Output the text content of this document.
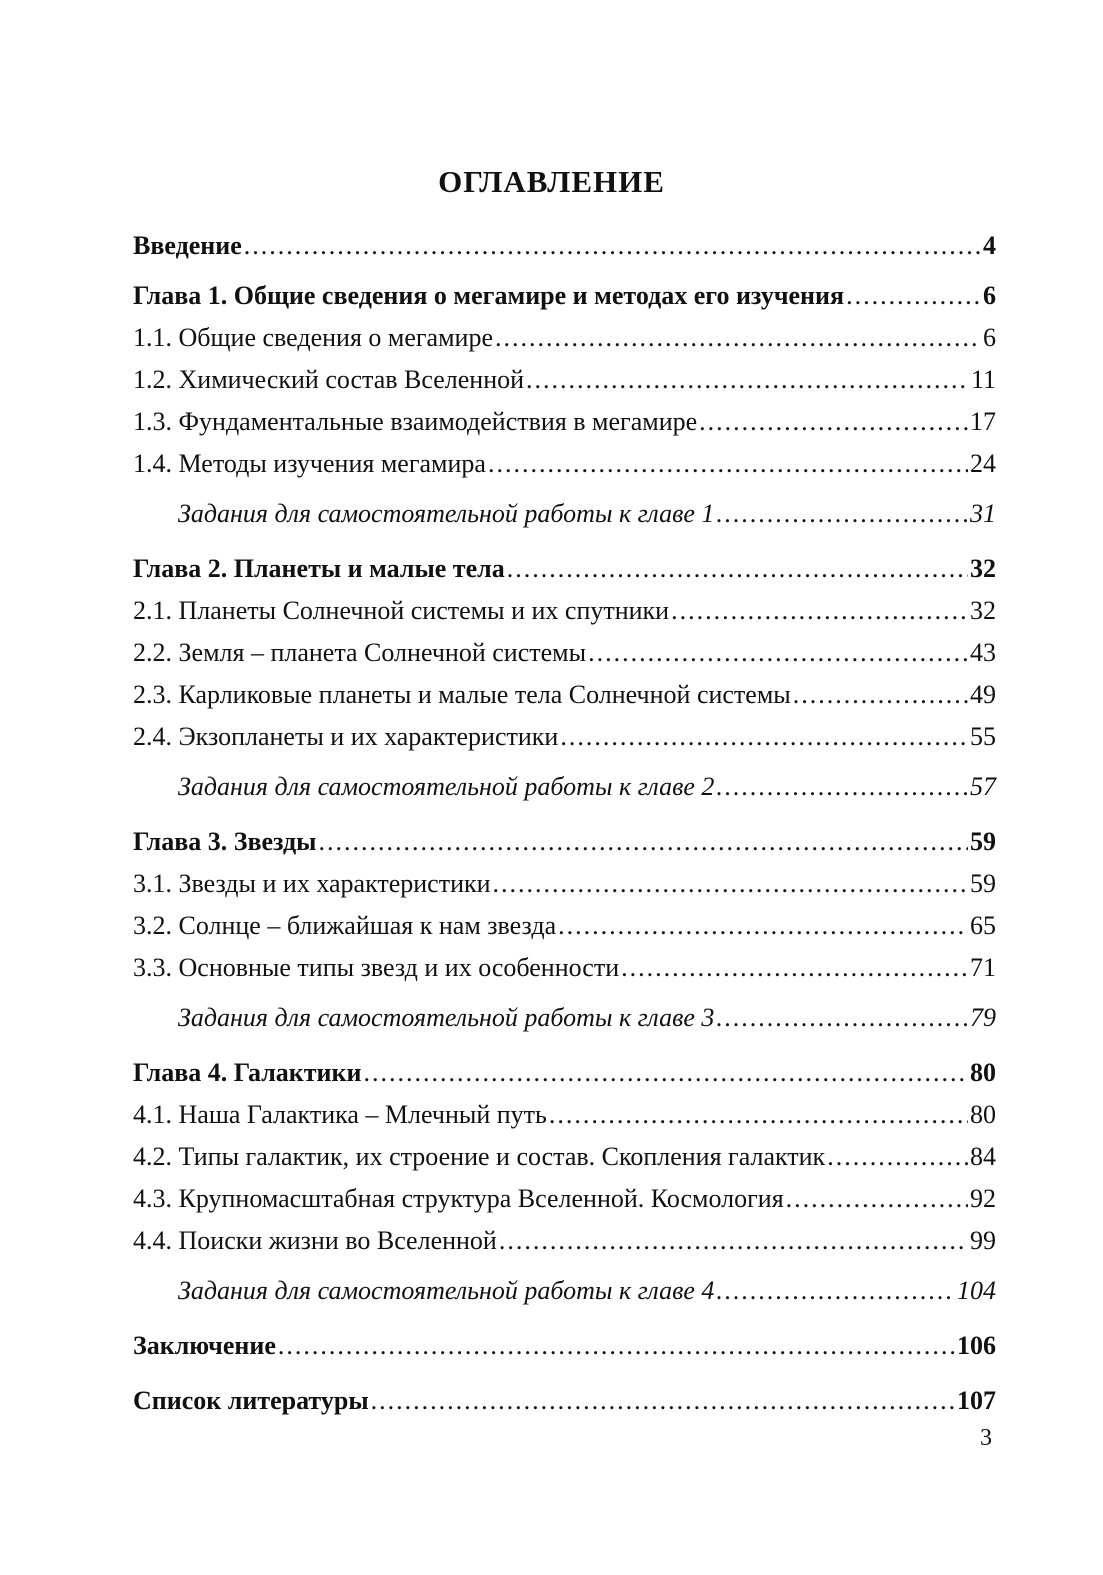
ОГЛАВЛЕНИЕ
Введение .....	4
Глава 1. Общие сведения о мегамире и методах его изучения .....	6
1.1. Общие сведения о мегамире .....	6
1.2. Химический состав Вселенной .....	11
1.3. Фундаментальные взаимодействия в мегамире .....	17
1.4. Методы изучения мегамира .....	24
Задания для самостоятельной работы к главе 1 .....	31
Глава 2. Планеты и малые тела .....	32
2.1. Планеты Солнечной системы и их спутники .....	32
2.2. Земля – планета Солнечной системы .....	43
2.3. Карликовые планеты и малые тела Солнечной системы .....	49
2.4. Экзопланеты и их характеристики .....	55
Задания для самостоятельной работы к главе 2 .....	57
Глава 3. Звезды .....	59
3.1. Звезды и их характеристики .....	59
3.2. Солнце – ближайшая к нам звезда .....	65
3.3. Основные типы звезд и их особенности .....	71
Задания для самостоятельной работы к главе 3 .....	79
Глава 4. Галактики .....	80
4.1. Наша Галактика – Млечный путь .....	80
4.2. Типы галактик, их строение и состав. Скопления галактик .....	84
4.3. Крупномасштабная структура Вселенной. Космология .....	92
4.4. Поиски жизни во Вселенной .....	99
Задания для самостоятельной работы к главе 4 .....	104
Заключение .....	106
Список литературы .....	107
3
